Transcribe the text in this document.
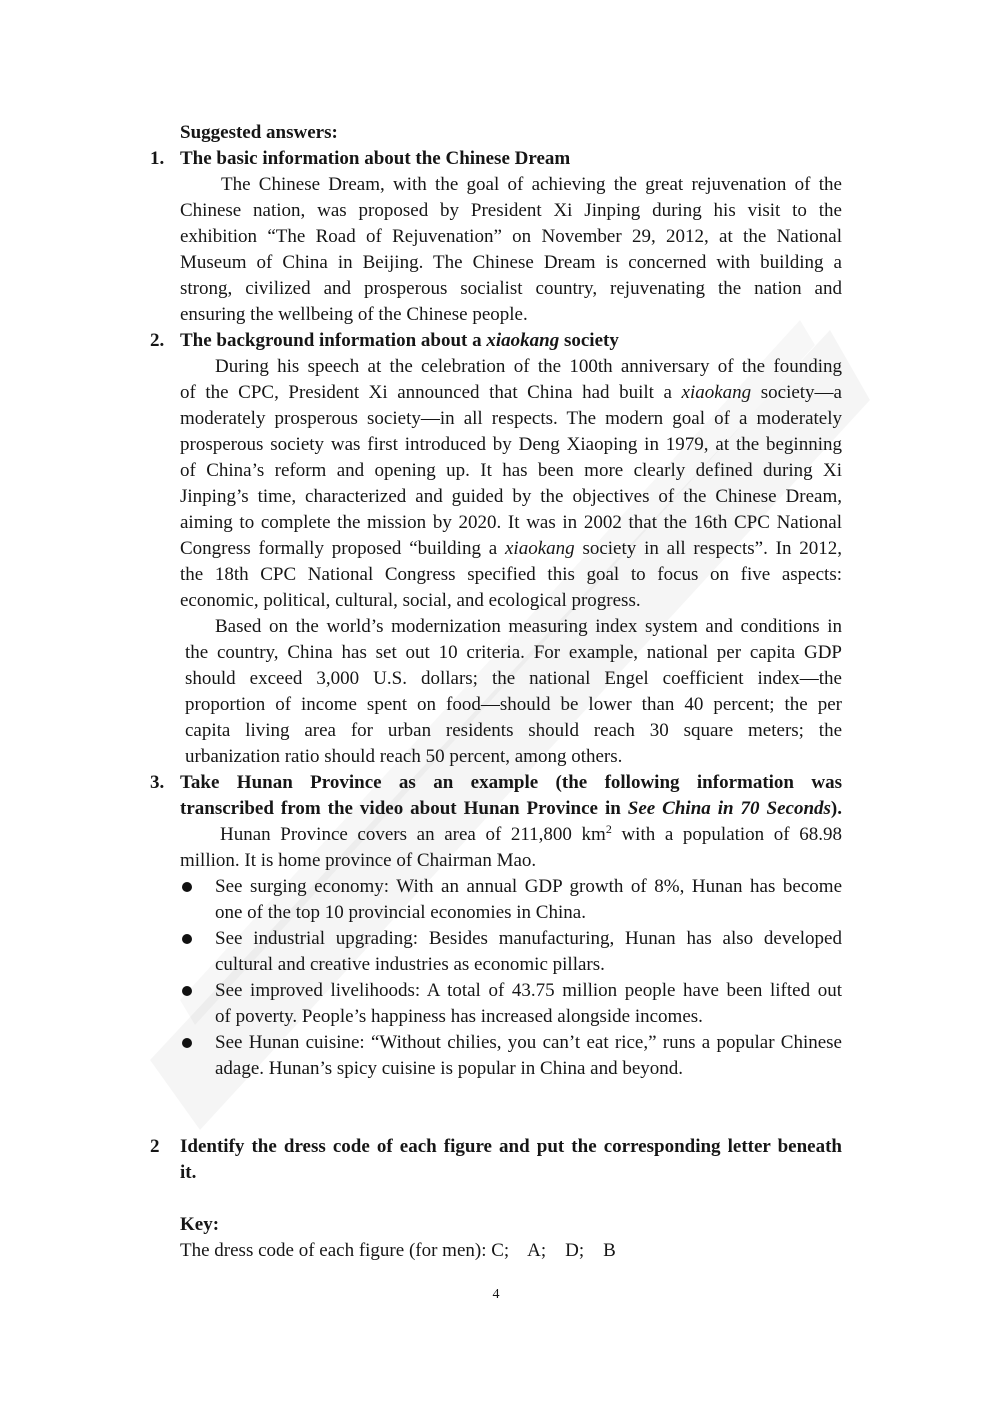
Suggested answers:
1. The basic information about the Chinese Dream
The Chinese Dream, with the goal of achieving the great rejuvenation of the
Chinese nation, was proposed by President Xi Jinping during his visit to the
exhibition “The Road of Rejuvenation” on November 29, 2012, at the National
Museum of China in Beijing. The Chinese Dream is concerned with building a
strong, civilized and prosperous socialist country, rejuvenating the nation and
ensuring the wellbeing of the Chinese people.
2. The background information about a xiaokang society
During his speech at the celebration of the 100th anniversary of the founding
of the CPC, President Xi announced that China had built a xiaokang society—a
moderately prosperous society—in all respects. The modern goal of a moderately
prosperous society was first introduced by Deng Xiaoping in 1979, at the beginning
of China’s reform and opening up. It has been more clearly defined during Xi
Jinping’s time, characterized and guided by the objectives of the Chinese Dream,
aiming to complete the mission by 2020. It was in 2002 that the 16th CPC National
Congress formally proposed “building a xiaokang society in all respects”. In 2012,
the 18th CPC National Congress specified this goal to focus on five aspects:
economic, political, cultural, social, and ecological progress.
Based on the world’s modernization measuring index system and conditions in
the country, China has set out 10 criteria. For example, national per capita GDP
should exceed 3,000 U.S. dollars; the national Engel coefficient index—the
proportion of income spent on food—should be lower than 40 percent; the per
capita living area for urban residents should reach 30 square meters; the
urbanization ratio should reach 50 percent, among others.
3. Take Hunan Province as an example (the following information was
transcribed from the video about Hunan Province in See China in 70 Seconds).
Hunan Province covers an area of 211,800 $km^2$ with a population of 68.98
million. It is home province of Chairman Mao.
See surging economy: With an annual GDP growth of 8%, Hunan has become
one of the top 10 provincial economies in China.
See industrial upgrading: Besides manufacturing, Hunan has also developed
cultural and creative industries as economic pillars.
See improved livelihoods: A total of 43.75 million people have been lifted out
of poverty. People’s happiness has increased alongside incomes.
See Hunan cuisine: “Without chilies, you can’t eat rice,” runs a popular Chinese
adage. Hunan’s spicy cuisine is popular in China and beyond.
2 Identify the dress code of each figure and put the corresponding letter beneath
it.
Key:
The dress code of each figure (for men): C;    A;    D;    B
4
